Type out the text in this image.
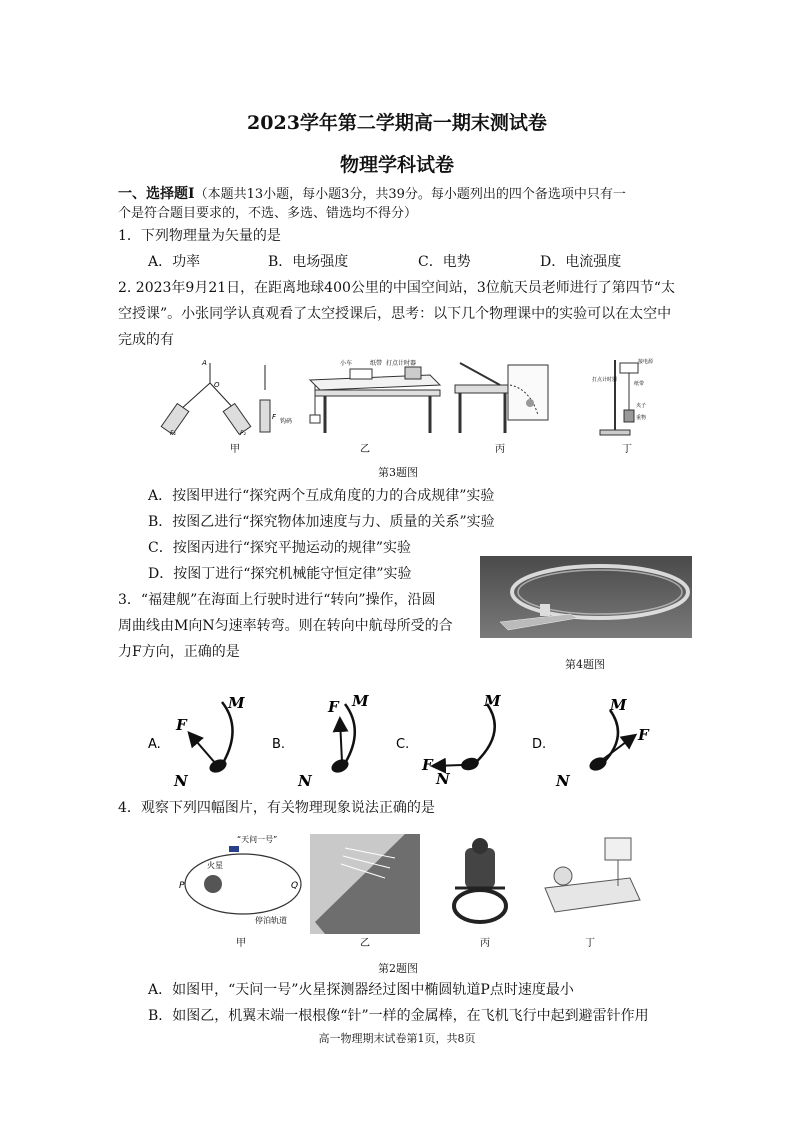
2023学年第二学期高一期末测试卷
物理学科试卷
一、选择题Ⅰ（本题共13小题，每小题3分，共39分。每小题列出的四个备选项中只有一
个是符合题目要求的，不选、多选、错选均不得分）
1．下列物理量为矢量的是
A．功率	B．电场强度	C．电势	D．电流强度
2. 2023年9月21日，在距离地球400公里的中国空间站，3位航天员老师进行了第四节“太
空授课”。小张同学认真观看了太空授课后，思考：以下几个物理课中的实验可以在太空中
完成的有
A
O
F₁	F₂
F
小车	纸带 打点计时器
钩码
接电源
打点计时器
纸带
夹子
重物
甲	乙	丙	丁
第3题图
A．按图甲进行“探究两个互成角度的力的合成规律”实验
B．按图乙进行“探究物体加速度与力、质量的关系”实验
C．按图丙进行“探究平抛运动的规律”实验
D．按图丁进行“探究机械能守恒定律”实验
3．“福建舰”在海面上行驶时进行“转向”操作，沿圆
周曲线由M向N匀速率转弯。则在转向中航母所受的合
力F方向，正确的是
第4题图
A.
M
N
F
B.
M
N
F
C.
M
N
F
D.
M
N
F
4．观察下列四幅图片，有关物理现象说法正确的是
火星
“天问一号”
P	Q
停泊轨道
甲	乙	丙	丁
第2题图
A．如图甲，“天问一号”火星探测器经过图中椭圆轨道P点时速度最小
B．如图乙，机翼末端一根根像“针”一样的金属棒，在飞机飞行中起到避雷针作用
高一物理期末试卷第1页，共8页
